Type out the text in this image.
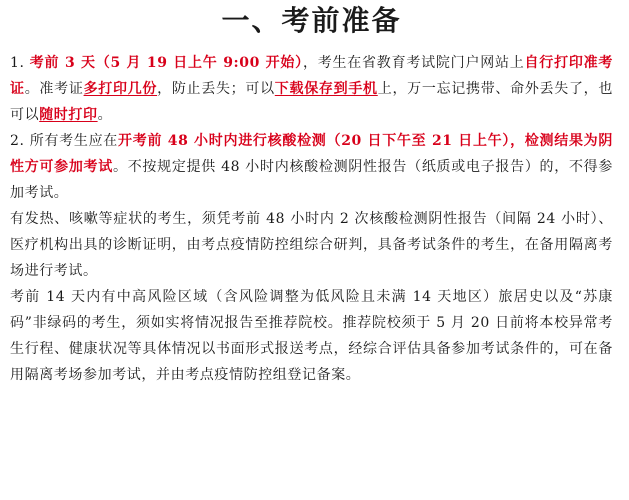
一、考前准备

1. 考前 3 天（5 月 19 日上午 9:00 开始），考生在省教育考试院门户网站上自行打印准考证。准考证多打印几份，防止丢失；可以下载保存到手机上，万一忘记携带、命外丢失了，也可以随时打印。

2. 所有考生应在开考前 48 小时内进行核酸检测（20 日下午至 21 日上午），检测结果为阴性方可参加考试。不按规定提供 48 小时内核酸检测阴性报告（纸质或电子报告）的，不得参加考试。

有发热、咳嗽等症状的考生，须凭考前 48 小时内 2 次核酸检测阴性报告（间隔 24 小时）、医疗机构出具的诊断证明，由考点疫情防控组综合研判，具备考试条件的考生，在备用隔离考场进行考试。

考前 14 天内有中高风险区域（含风险调整为低风险且未满 14 天地区）旅居史以及“苏康码”非绿码的考生，须如实将情况报告至推荐院校。推荐院校须于 5 月 20 日前将本校异常考生行程、健康状况等具体情况以书面形式报送考点，经综合评估具备参加考试条件的，可在备用隔离考场参加考试，并由考点疫情防控组登记备案。
